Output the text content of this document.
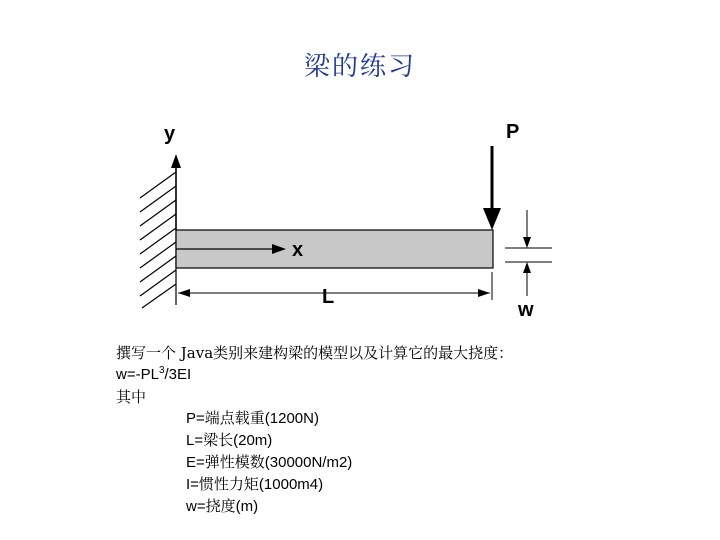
梁的练习
y
x
P
L
w
撰写一个 Java类别来建构梁的模型以及计算它的最大挠度：
$w=-PL^3/3EI$
其中
P=端点载重(1200N)
L=梁长(20m)
E=弹性模数(30000N/m2)
I=惯性力矩(1000m4)
w=挠度(m)
